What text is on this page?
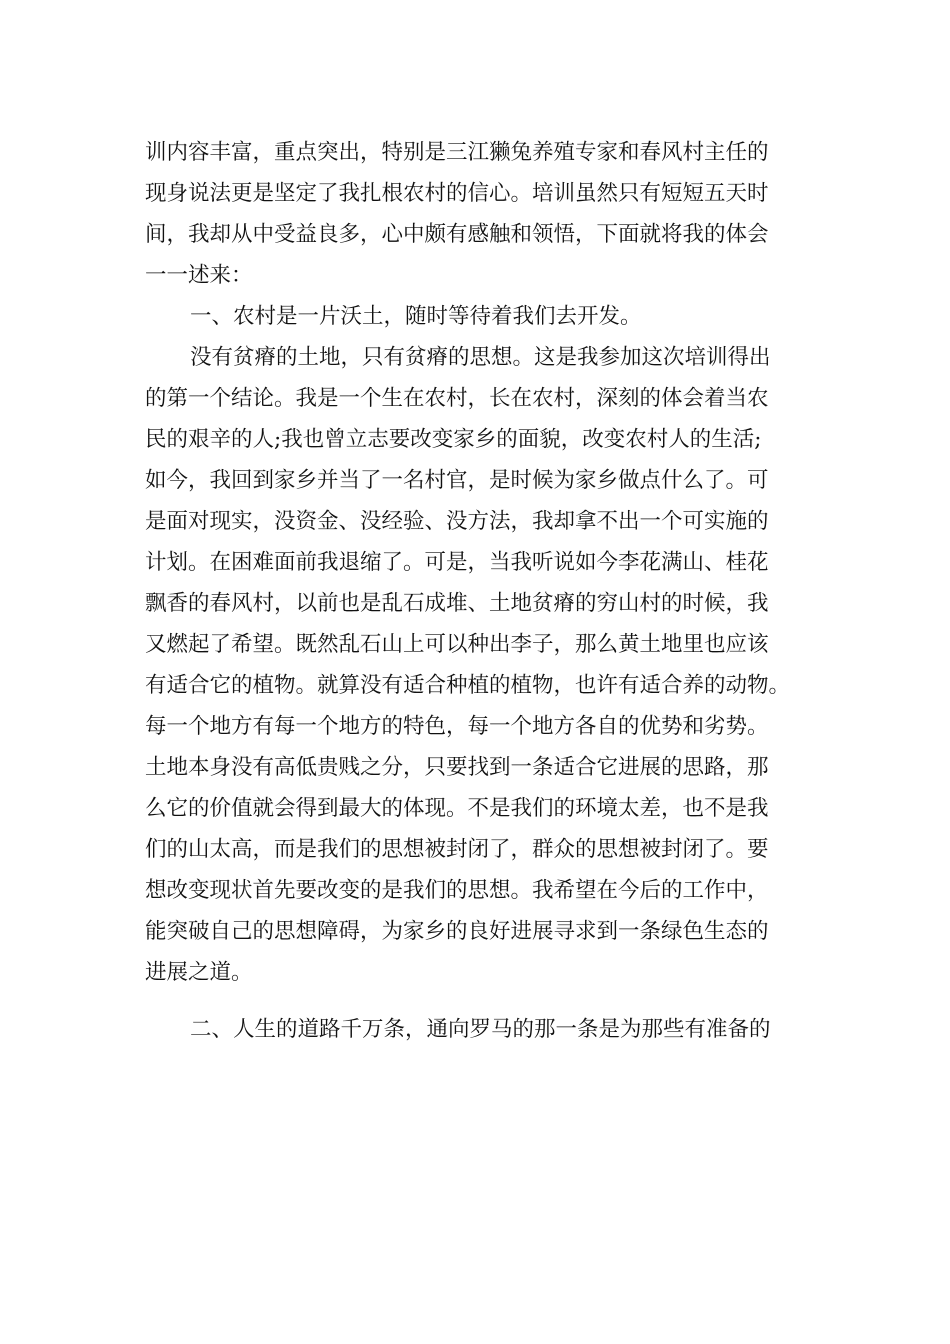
训内容丰富，重点突出，特别是三江獭兔养殖专家和春风村主任的
现身说法更是坚定了我扎根农村的信心。培训虽然只有短短五天时
间，我却从中受益良多，心中颇有感触和领悟，下面就将我的体会
一一述来：
一、农村是一片沃土，随时等待着我们去开发。
没有贫瘠的土地，只有贫瘠的思想。这是我参加这次培训得出
的第一个结论。我是一个生在农村，长在农村，深刻的体会着当农
民的艰辛的人;我也曾立志要改变家乡的面貌，改变农村人的生活;
如今，我回到家乡并当了一名村官，是时候为家乡做点什么了。可
是面对现实，没资金、没经验、没方法，我却拿不出一个可实施的
计划。在困难面前我退缩了。可是，当我听说如今李花满山、桂花
飘香的春风村，以前也是乱石成堆、土地贫瘠的穷山村的时候，我
又燃起了希望。既然乱石山上可以种出李子，那么黄土地里也应该
有适合它的植物。就算没有适合种植的植物，也许有适合养的动物。
每一个地方有每一个地方的特色，每一个地方各自的优势和劣势。
土地本身没有高低贵贱之分，只要找到一条适合它进展的思路，那
么它的价值就会得到最大的体现。不是我们的环境太差，也不是我
们的山太高，而是我们的思想被封闭了，群众的思想被封闭了。要
想改变现状首先要改变的是我们的思想。我希望在今后的工作中，
能突破自己的思想障碍，为家乡的良好进展寻求到一条绿色生态的
进展之道。
二、人生的道路千万条，通向罗马的那一条是为那些有准备的
